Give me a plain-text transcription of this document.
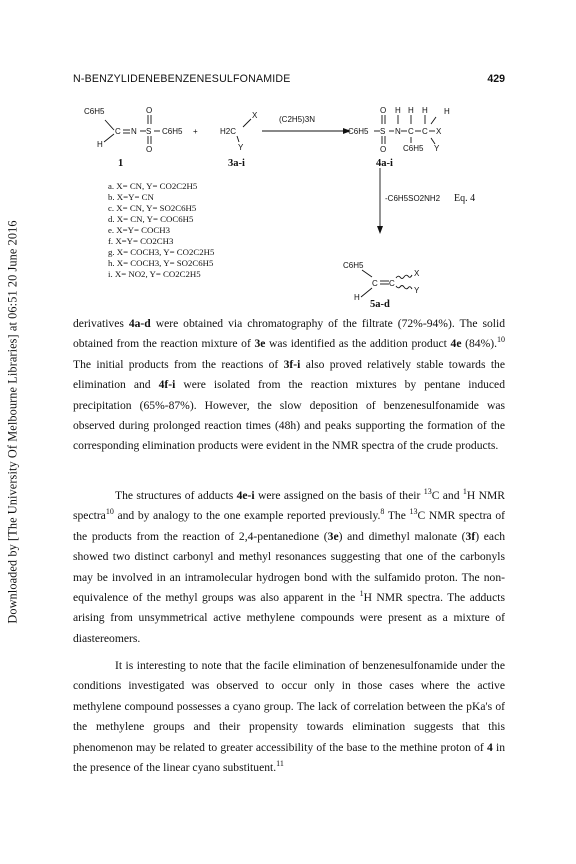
Downloaded by [The University Of Melbourne Libraries] at 06:51 20 June 2016
N-BENZYLIDENEBENZENESULFONAMIDE	429
C6H5
C
H
N S
O
O
C6H5 +	H2C
X
Y
(C2H5)3N
C6H5 S
O
O
N
H
C
H
C6H5
C
H
X
Y
H
1	3a-i	4a-i
-C6H5SO2NH2 Eq. 4
a. X= CN, Y= CO2C2H5
b. X=Y= CN
c. X= CN, Y= SO2C6H5
d. X= CN, Y= COC6H5
e. X=Y= COCH3
f. X=Y= CO2CH3
g. X= COCH3, Y= CO2C2H5
h. X= COCH3, Y= SO2C6H5
i. X= NO2, Y= CO2C2H5
C6H5
C C
H
X
Y
5a-d

derivatives 4a-d were obtained via chromatography of the filtrate (72%-94%). The solid obtained from the reaction mixture of 3e was identified as the addition product 4e (84%).$^{10}$ The initial products from the reactions of 3f-i also proved relatively stable towards the elimination and 4f-i were isolated from the reaction mixtures by pentane induced precipitation (65%-87%). However, the slow deposition of benzenesulfonamide was observed during prolonged reaction times (48h) and peaks supporting the formation of the corresponding elimination products were evident in the NMR spectra of the crude products.

The structures of adducts 4e-i were assigned on the basis of their $^{13}$C and $^1$H NMR spectra$^{10}$ and by analogy to the one example reported previously.$^8$ The $^{13}$C NMR spectra of the products from the reaction of 2,4-pentanedione (3e) and dimethyl malonate (3f) each showed two distinct carbonyl and methyl resonances suggesting that one of the carbonyls may be involved in an intramolecular hydrogen bond with the sulfamido proton. The non-equivalence of the methyl groups was also apparent in the $^1$H NMR spectra. The adducts arising from unsymmetrical active methylene compounds were present as a mixture of diastereomers.

It is interesting to note that the facile elimination of benzenesulfonamide under the conditions investigated was observed to occur only in those cases where the active methylene compound possesses a cyano group. The lack of correlation between the pKa's of the methylene groups and their propensity towards elimination suggests that this phenomenon may be related to greater accessibility of the base to the methine proton of 4 in the presence of the linear cyano substituent.$^{11}$
